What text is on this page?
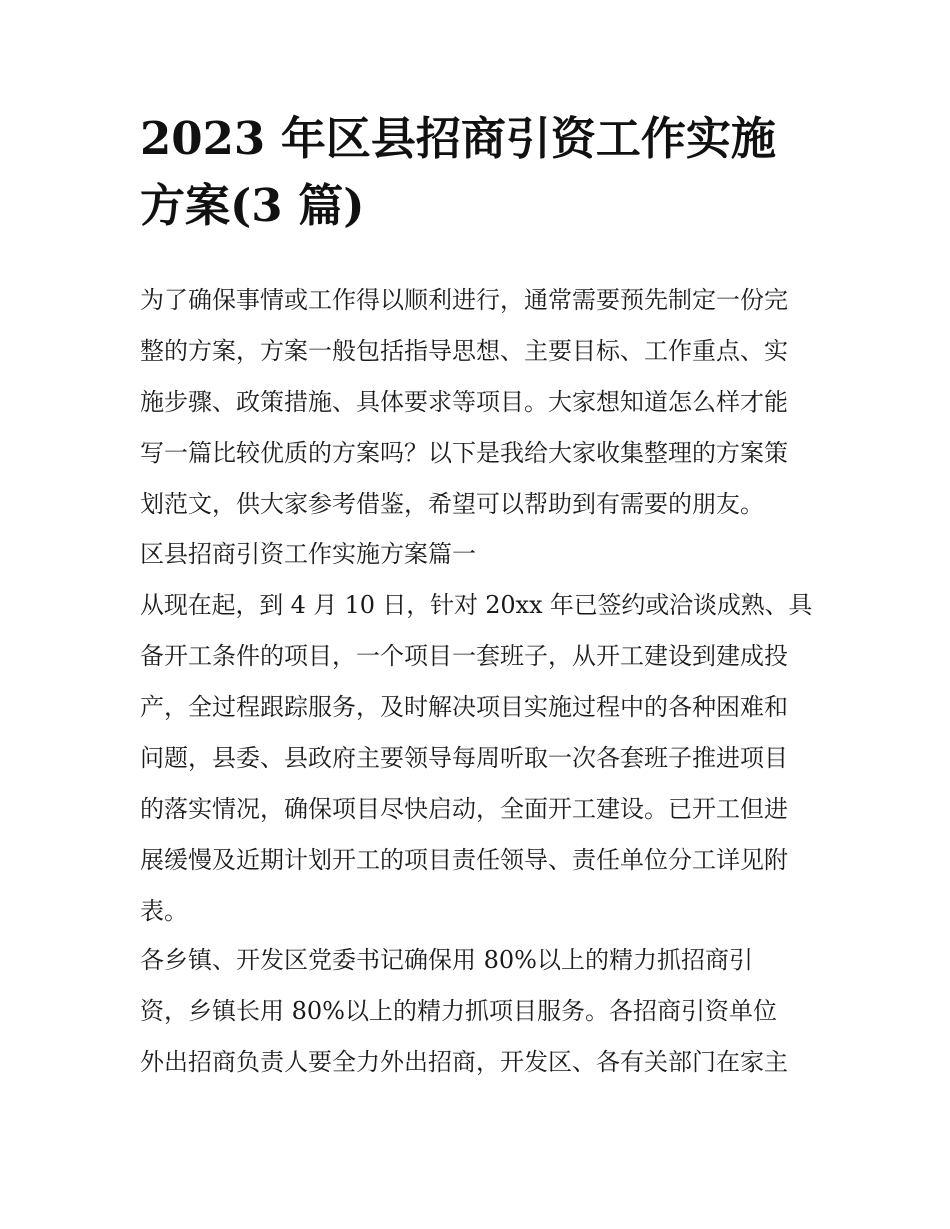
2023 年区县招商引资工作实施
方案(3 篇)
为了确保事情或工作得以顺利进行，通常需要预先制定一份完
整的方案，方案一般包括指导思想、主要目标、工作重点、实
施步骤、政策措施、具体要求等项目。大家想知道怎么样才能
写一篇比较优质的方案吗？以下是我给大家收集整理的方案策
划范文，供大家参考借鉴，希望可以帮助到有需要的朋友。
区县招商引资工作实施方案篇一
从现在起，到 4 月 10 日，针对 20xx 年已签约或洽谈成熟、具
备开工条件的项目，一个项目一套班子，从开工建设到建成投
产，全过程跟踪服务，及时解决项目实施过程中的各种困难和
问题，县委、县政府主要领导每周听取一次各套班子推进项目
的落实情况，确保项目尽快启动，全面开工建设。已开工但进
展缓慢及近期计划开工的项目责任领导、责任单位分工详见附
表。
各乡镇、开发区党委书记确保用 80%以上的精力抓招商引
资，乡镇长用 80%以上的精力抓项目服务。各招商引资单位
外出招商负责人要全力外出招商，开发区、各有关部门在家主
